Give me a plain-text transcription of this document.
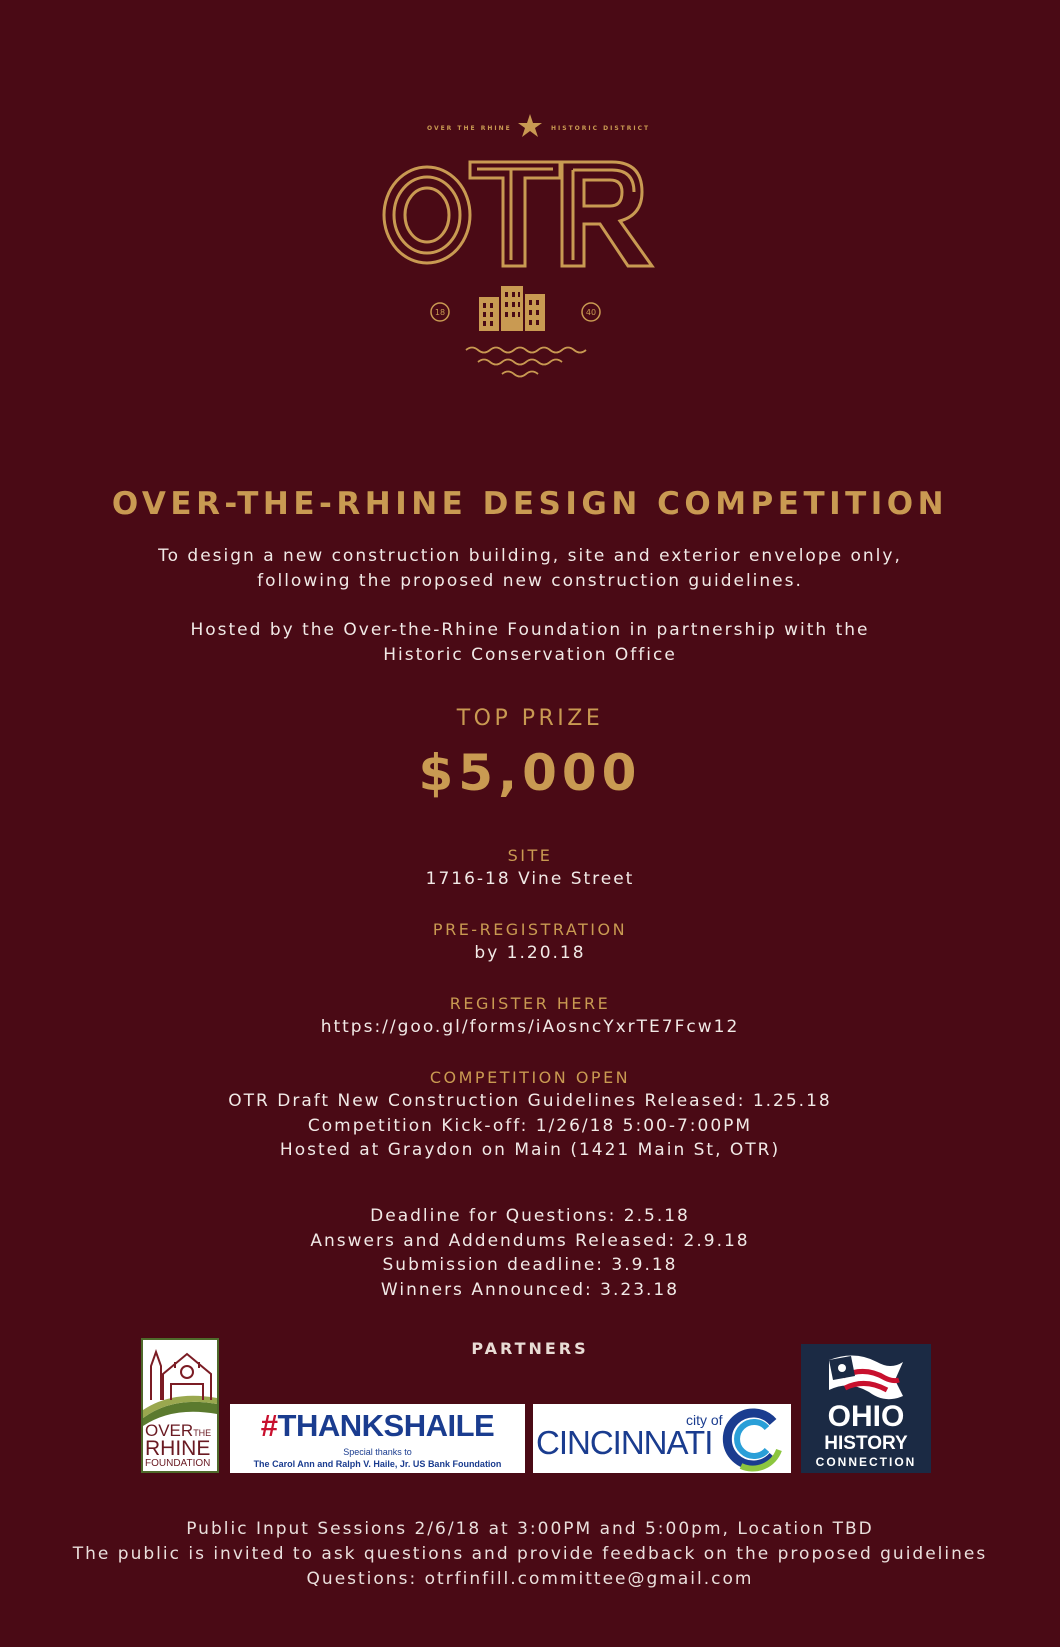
OVER THE RHINE	HISTORIC DISTRICT
OTR
18	40
OVER-THE-RHINE DESIGN COMPETITION
To design a new construction building, site and exterior envelope only,
following the proposed new construction guidelines.
Hosted by the Over-the-Rhine Foundation in partnership with the
Historic Conservation Office
TOP PRIZE
$5,000
SITE
1716-18 Vine Street
PRE-REGISTRATION
by 1.20.18
REGISTER HERE
https://goo.gl/forms/iAosncYxrTE7Fcw12
COMPETITION OPEN
OTR Draft New Construction Guidelines Released: 1.25.18
Competition Kick-off: 1/26/18 5:00-7:00PM
Hosted at Graydon on Main (1421 Main St, OTR)
Deadline for Questions: 2.5.18
Answers and Addendums Released: 2.9.18
Submission deadline: 3.9.18
Winners Announced: 3.23.18
PARTNERS
OVERTHE
RHINE
FOUNDATION
#THANKSHAILE
Special thanks to
The Carol Ann and Ralph V. Haile, Jr. US Bank Foundation
city of
CINCINNATI
OHIO
HISTORY
CONNECTION
Public Input Sessions 2/6/18 at 3:00PM and 5:00pm, Location TBD
The public is invited to ask questions and provide feedback on the proposed guidelines
Questions: otrfinfill.committee@gmail.com
